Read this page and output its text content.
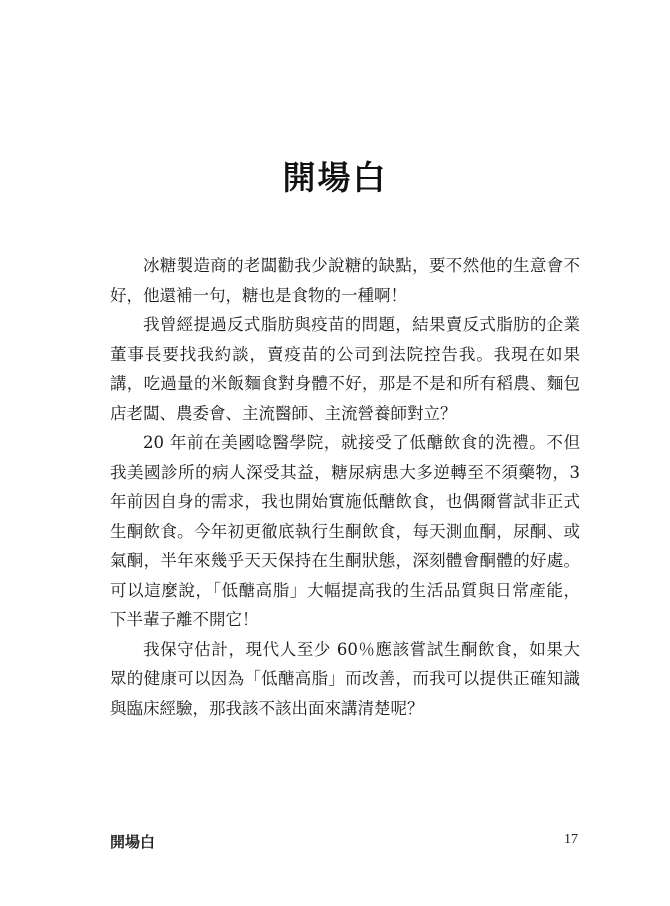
開場白

冰糖製造商的老闆勸我少說糖的缺點，要不然他的生意會不好，他還補一句，糖也是食物的一種啊！

我曾經提過反式脂肪與疫苗的問題，結果賣反式脂肪的企業董事長要找我約談，賣疫苗的公司到法院控告我。我現在如果講，吃過量的米飯麵食對身體不好，那是不是和所有稻農、麵包店老闆、農委會、主流醫師、主流營養師對立？

20 年前在美國唸醫學院，就接受了低醣飲食的洗禮。不但我美國診所的病人深受其益，糖尿病患大多逆轉至不須藥物，3 年前因自身的需求，我也開始實施低醣飲食，也偶爾嘗試非正式生酮飲食。今年初更徹底執行生酮飲食，每天測血酮，尿酮、或氣酮，半年來幾乎天天保持在生酮狀態，深刻體會酮體的好處。可以這麼說，「低醣高脂」大幅提高我的生活品質與日常產能，下半輩子離不開它！

我保守估計，現代人至少 60％應該嘗試生酮飲食，如果大眾的健康可以因為「低醣高脂」而改善，而我可以提供正確知識與臨床經驗，那我該不該出面來講清楚呢？

開場白	17
